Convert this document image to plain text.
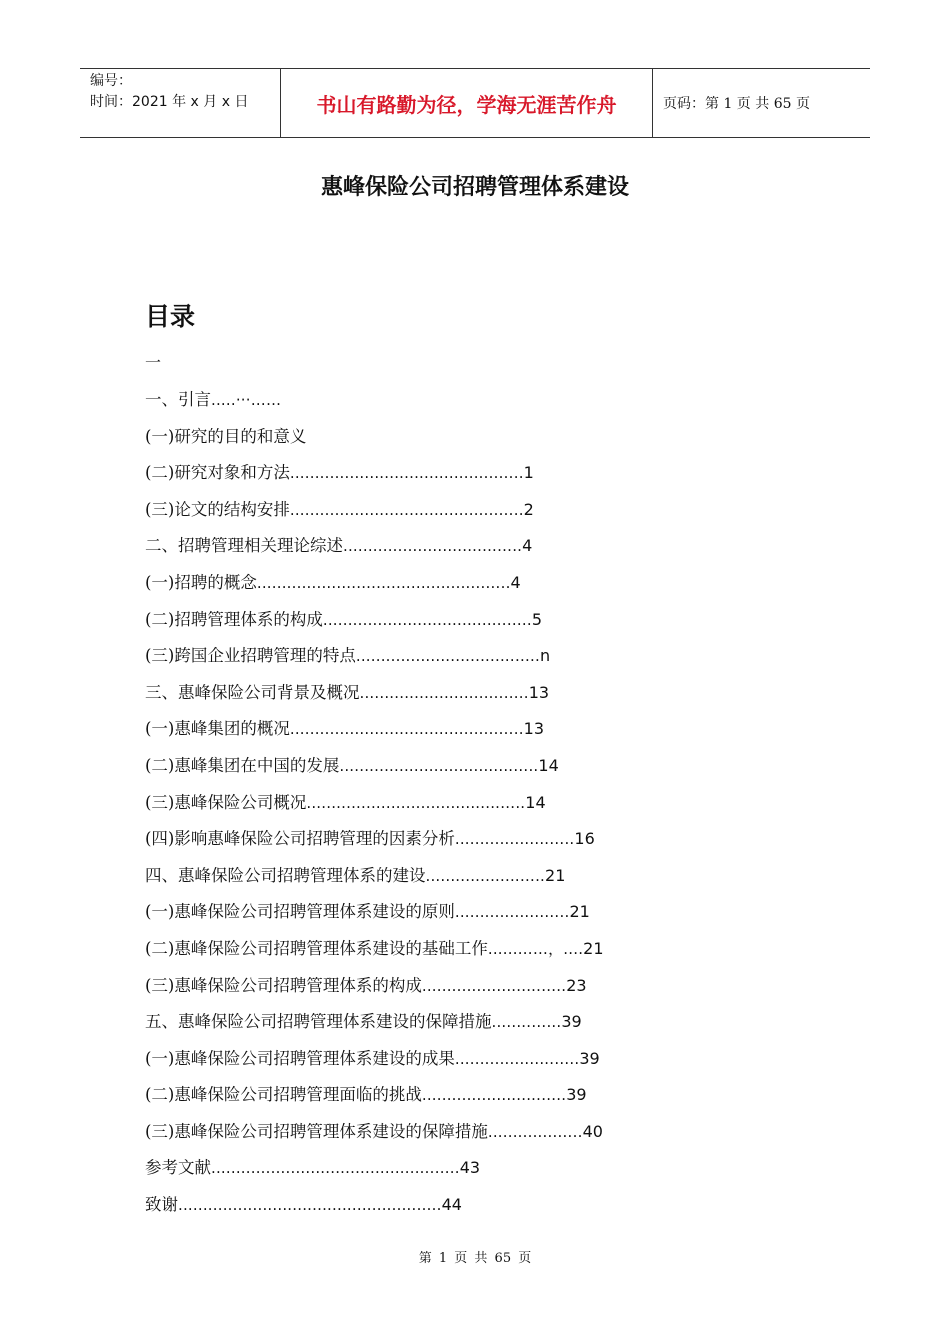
编号：
时间：2021 年 x 月 x 日	书山有路勤为径，学海无涯苦作舟	页码：第 1 页 共 65 页
惠峰保险公司招聘管理体系建设
目录
一
一、引言.....···……
(一)研究的目的和意义
(二)研究对象和方法..........................................…..1
(三)论文的结构安排..........................................…..2
二、招聘管理相关理论综述...............................…..4
(一)招聘的概念..............................................…..4
(二)招聘管理体系的构成.....................................…..5
(三)跨国企业招聘管理的特点................................…..n
三、惠峰保险公司背景及概况.............................…..13
(一)惠峰集团的概况..........................................…..13
(二)惠峰集团在中国的发展...................................…..14
(三)惠峰保险公司概况.......................................…..14
(四)影响惠峰保险公司招聘管理的因素分析...................…..16
四、惠峰保险公司招聘管理体系的建设...................…..21
(一)惠峰保险公司招聘管理体系建设的原则..................…..21
(二)惠峰保险公司招聘管理体系建设的基础工作......……，....21
(三)惠峰保险公司招聘管理体系的构成........................…..23
五、惠峰保险公司招聘管理体系建设的保障措施........…...39
(一)惠峰保险公司招聘管理体系建设的成果....................…..39
(二)惠峰保险公司招聘管理面临的挑战........................…..39
(三)惠峰保险公司招聘管理体系建设的保障措施..............…..40
参考文献.............................................…..43
致谢................................................…..44
第 1 页 共 65 页
